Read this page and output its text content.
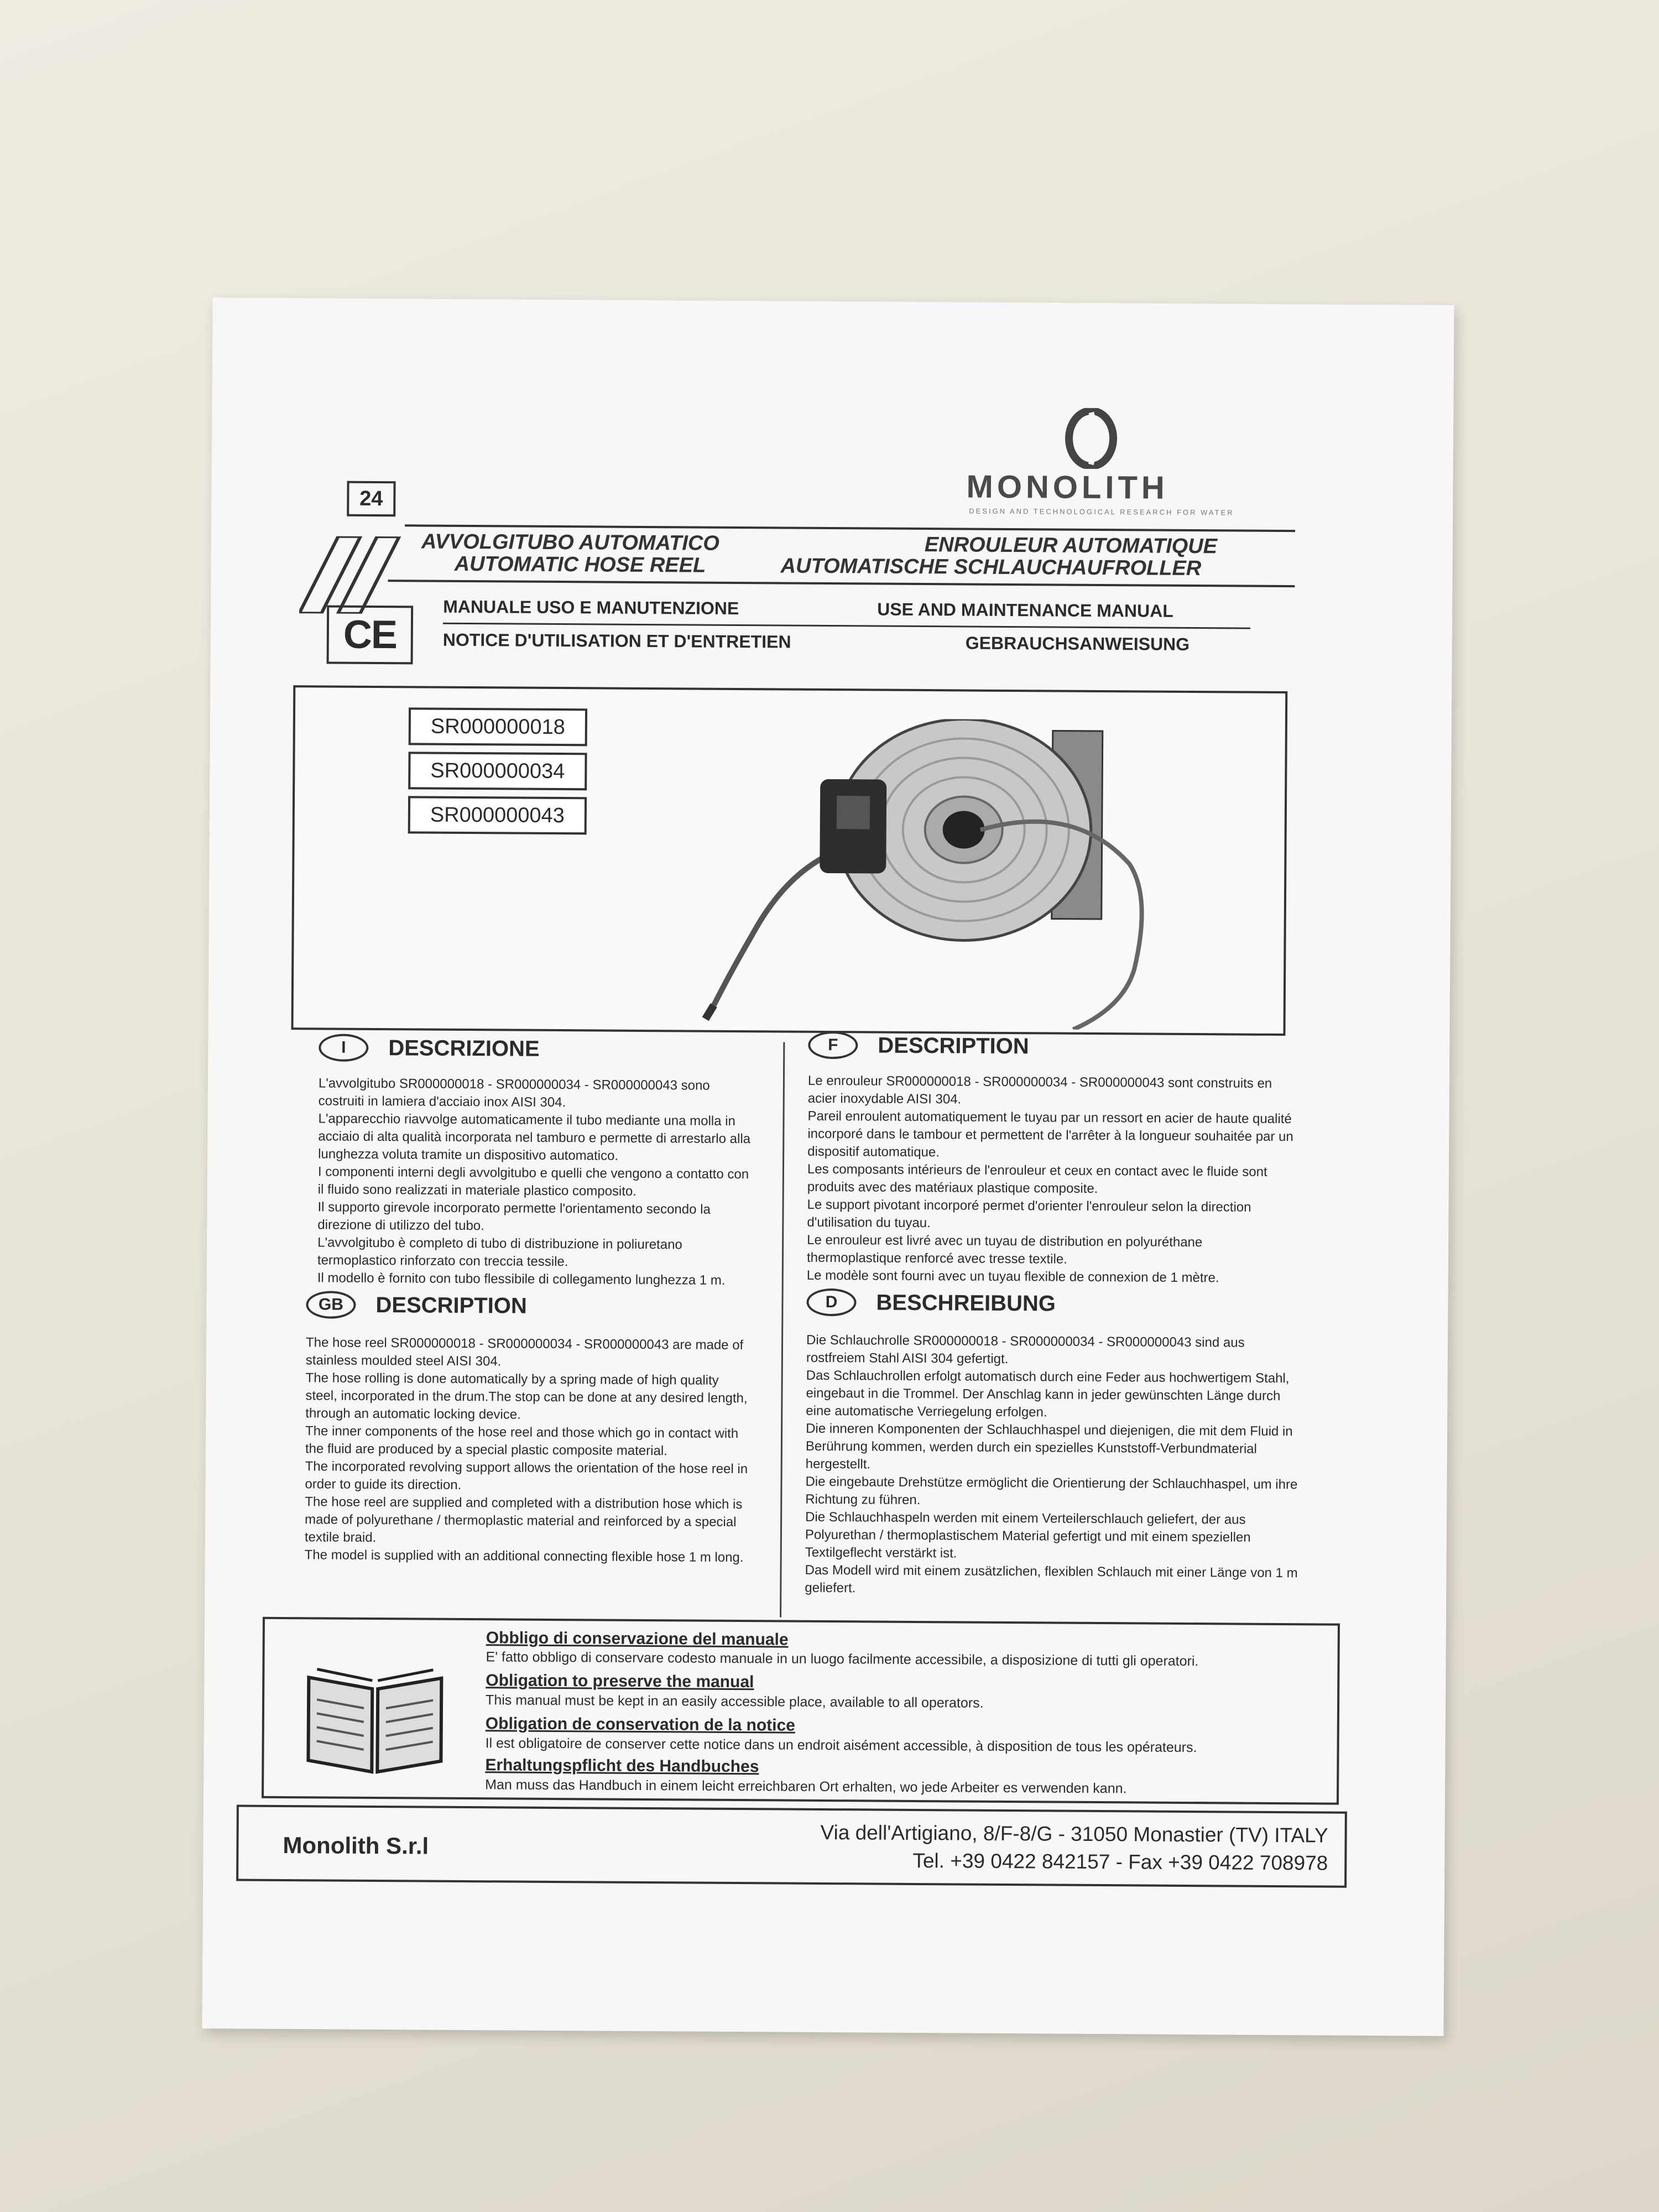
MONOLITH
DESIGN AND TECHNOLOGICAL RESEARCH FOR WATER
24
AVVOLGITUBO AUTOMATICO
AUTOMATIC HOSE REEL
ENROULEUR AUTOMATIQUE
AUTOMATISCHE SCHLAUCHAUFROLLER
CE
MANUALE USO E MANUTENZIONE	USE AND MAINTENANCE MANUAL
NOTICE D'UTILISATION ET D'ENTRETIEN	GEBRAUCHSANWEISUNG
SR000000018
SR000000034
SR000000043
I DESCRIZIONE
L'avvolgitubo SR000000018 - SR000000034 - SR000000043 sono costruiti in lamiera d'acciaio inox AISI 304.
L'apparecchio riavvolge automaticamente il tubo mediante una molla in acciaio di alta qualità incorporata nel tamburo e permette di arrestarlo alla lunghezza voluta tramite un dispositivo automatico.
I componenti interni degli avvolgitubo e quelli che vengono a contatto con il fluido sono realizzati in materiale plastico composito.
Il supporto girevole incorporato permette l'orientamento secondo la direzione di utilizzo del tubo.
L'avvolgitubo è completo di tubo di distribuzione in poliuretano termoplastico rinforzato con treccia tessile.
Il modello è fornito con tubo flessibile di collegamento lunghezza 1 m.
F DESCRIPTION
Le enrouleur SR000000018 - SR000000034 - SR000000043 sont construits en acier inoxydable AISI 304.
Pareil enroulent automatiquement le tuyau par un ressort en acier de haute qualité incorporé dans le tambour et permettent de l'arrêter à la longueur souhaitée par un dispositif automatique.
Les composants intérieurs de l'enrouleur et ceux en contact avec le fluide sont produits avec des matériaux plastique composite.
Le support pivotant incorporé permet d'orienter l'enrouleur selon la direction d'utilisation du tuyau.
Le enrouleur est livré avec un tuyau de distribution en polyuréthane thermoplastique renforcé avec tresse textile.
Le modèle sont fourni avec un tuyau flexible de connexion de 1 mètre.
GB DESCRIPTION
The hose reel SR000000018 - SR000000034 - SR000000043 are made of stainless moulded steel AISI 304.
The hose rolling is done automatically by a spring made of high quality steel, incorporated in the drum.The stop can be done at any desired length, through an automatic locking device.
The inner components of the hose reel and those which go in contact with the fluid are produced by a special plastic composite material.
The incorporated revolving support allows the orientation of the hose reel in order to guide its direction.
The hose reel are supplied and completed with a distribution hose which is made of polyurethane / thermoplastic material and reinforced by a special textile braid.
The model is supplied with an additional connecting flexible hose 1 m long.
D BESCHREIBUNG
Die Schlauchrolle SR000000018 - SR000000034 - SR000000043 sind aus rostfreiem Stahl AISI 304 gefertigt.
Das Schlauchrollen erfolgt automatisch durch eine Feder aus hochwertigem Stahl, eingebaut in die Trommel. Der Anschlag kann in jeder gewünschten Länge durch eine automatische Verriegelung erfolgen.
Die inneren Komponenten der Schlauchhaspel und diejenigen, die mit dem Fluid in Berührung kommen, werden durch ein spezielles Kunststoff-Verbundmaterial hergestellt.
Die eingebaute Drehstütze ermöglicht die Orientierung der Schlauchhaspel, um ihre Richtung zu führen.
Die Schlauchhaspeln werden mit einem Verteilerschlauch geliefert, der aus Polyurethan / thermoplastischem Material gefertigt und mit einem speziellen Textilgeflecht verstärkt ist.
Das Modell wird mit einem zusätzlichen, flexiblen Schlauch mit einer Länge von 1 m geliefert.
Obbligo di conservazione del manuale
E' fatto obbligo di conservare codesto manuale in un luogo facilmente accessibile, a disposizione di tutti gli operatori.
Obligation to preserve the manual
This manual must be kept in an easily accessible place, available to all operators.
Obligation de conservation de la notice
Il est obligatoire de conserver cette notice dans un endroit aisément accessible, à disposition de tous les opérateurs.
Erhaltungspflicht des Handbuches
Man muss das Handbuch in einem leicht erreichbaren Ort erhalten, wo jede Arbeiter es verwenden kann.
Monolith S.r.l	Via dell'Artigiano, 8/F-8/G - 31050 Monastier (TV) ITALY
Tel. +39 0422 842157 - Fax +39 0422 708978
